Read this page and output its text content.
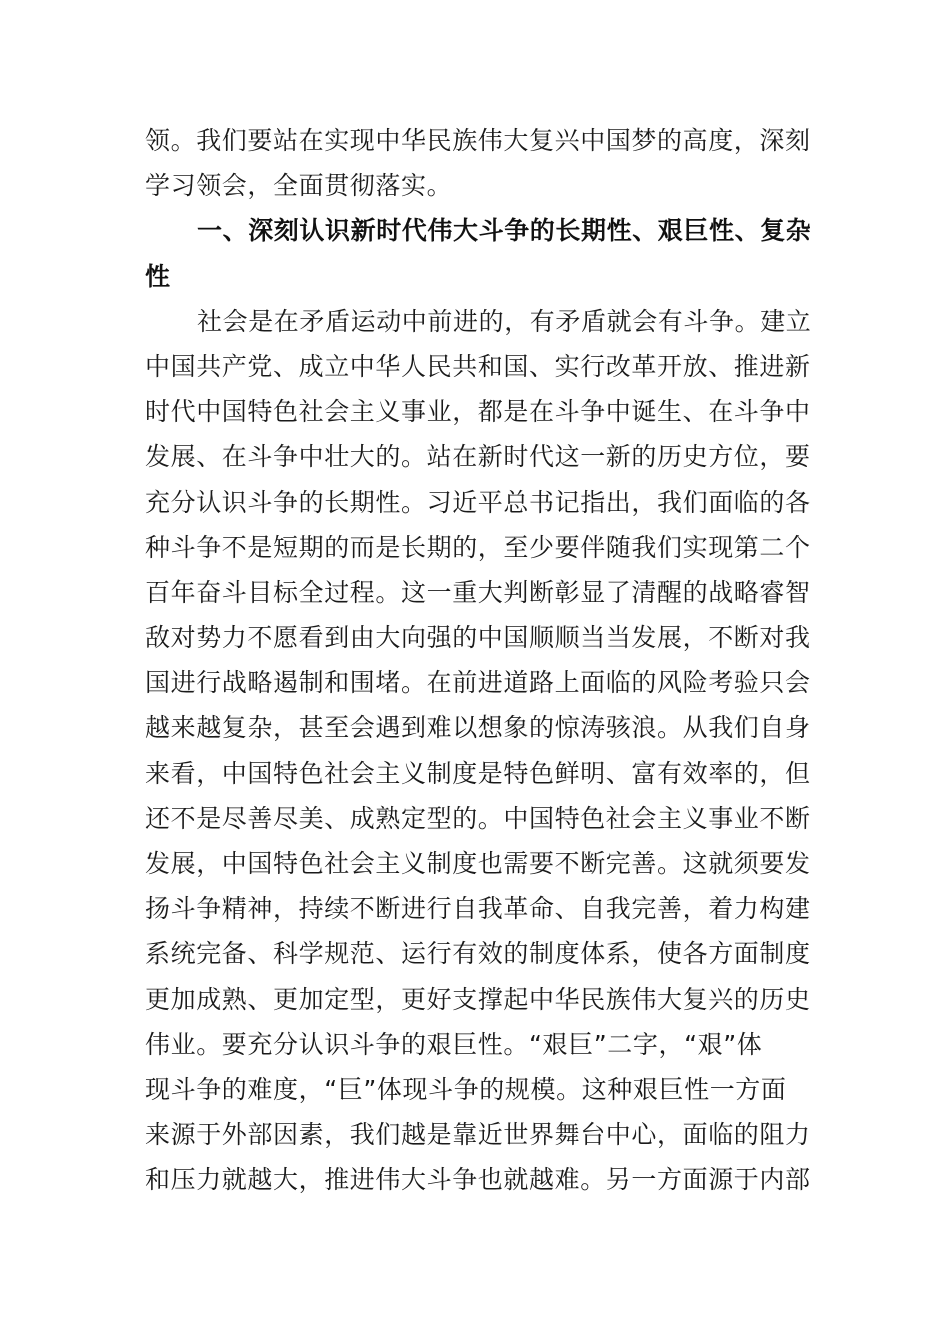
领。我们要站在实现中华民族伟大复兴中国梦的高度，深刻
学习领会，全面贯彻落实。
一、深刻认识新时代伟大斗争的长期性、艰巨性、复杂
性
社会是在矛盾运动中前进的，有矛盾就会有斗争。建立
中国共产党、成立中华人民共和国、实行改革开放、推进新
时代中国特色社会主义事业，都是在斗争中诞生、在斗争中
发展、在斗争中壮大的。站在新时代这一新的历史方位，要
充分认识斗争的长期性。习近平总书记指出，我们面临的各
种斗争不是短期的而是长期的，至少要伴随我们实现第二个
百年奋斗目标全过程。这一重大判断彰显了清醒的战略睿智
敌对势力不愿看到由大向强的中国顺顺当当发展，不断对我
国进行战略遏制和围堵。在前进道路上面临的风险考验只会
越来越复杂，甚至会遇到难以想象的惊涛骇浪。从我们自身
来看，中国特色社会主义制度是特色鲜明、富有效率的，但
还不是尽善尽美、成熟定型的。中国特色社会主义事业不断
发展，中国特色社会主义制度也需要不断完善。这就须要发
扬斗争精神，持续不断进行自我革命、自我完善，着力构建
系统完备、科学规范、运行有效的制度体系，使各方面制度
更加成熟、更加定型，更好支撑起中华民族伟大复兴的历史
伟业。要充分认识斗争的艰巨性。“艰巨”二字，“艰”体
现斗争的难度，“巨”体现斗争的规模。这种艰巨性一方面
来源于外部因素，我们越是靠近世界舞台中心，面临的阻力
和压力就越大，推进伟大斗争也就越难。另一方面源于内部
